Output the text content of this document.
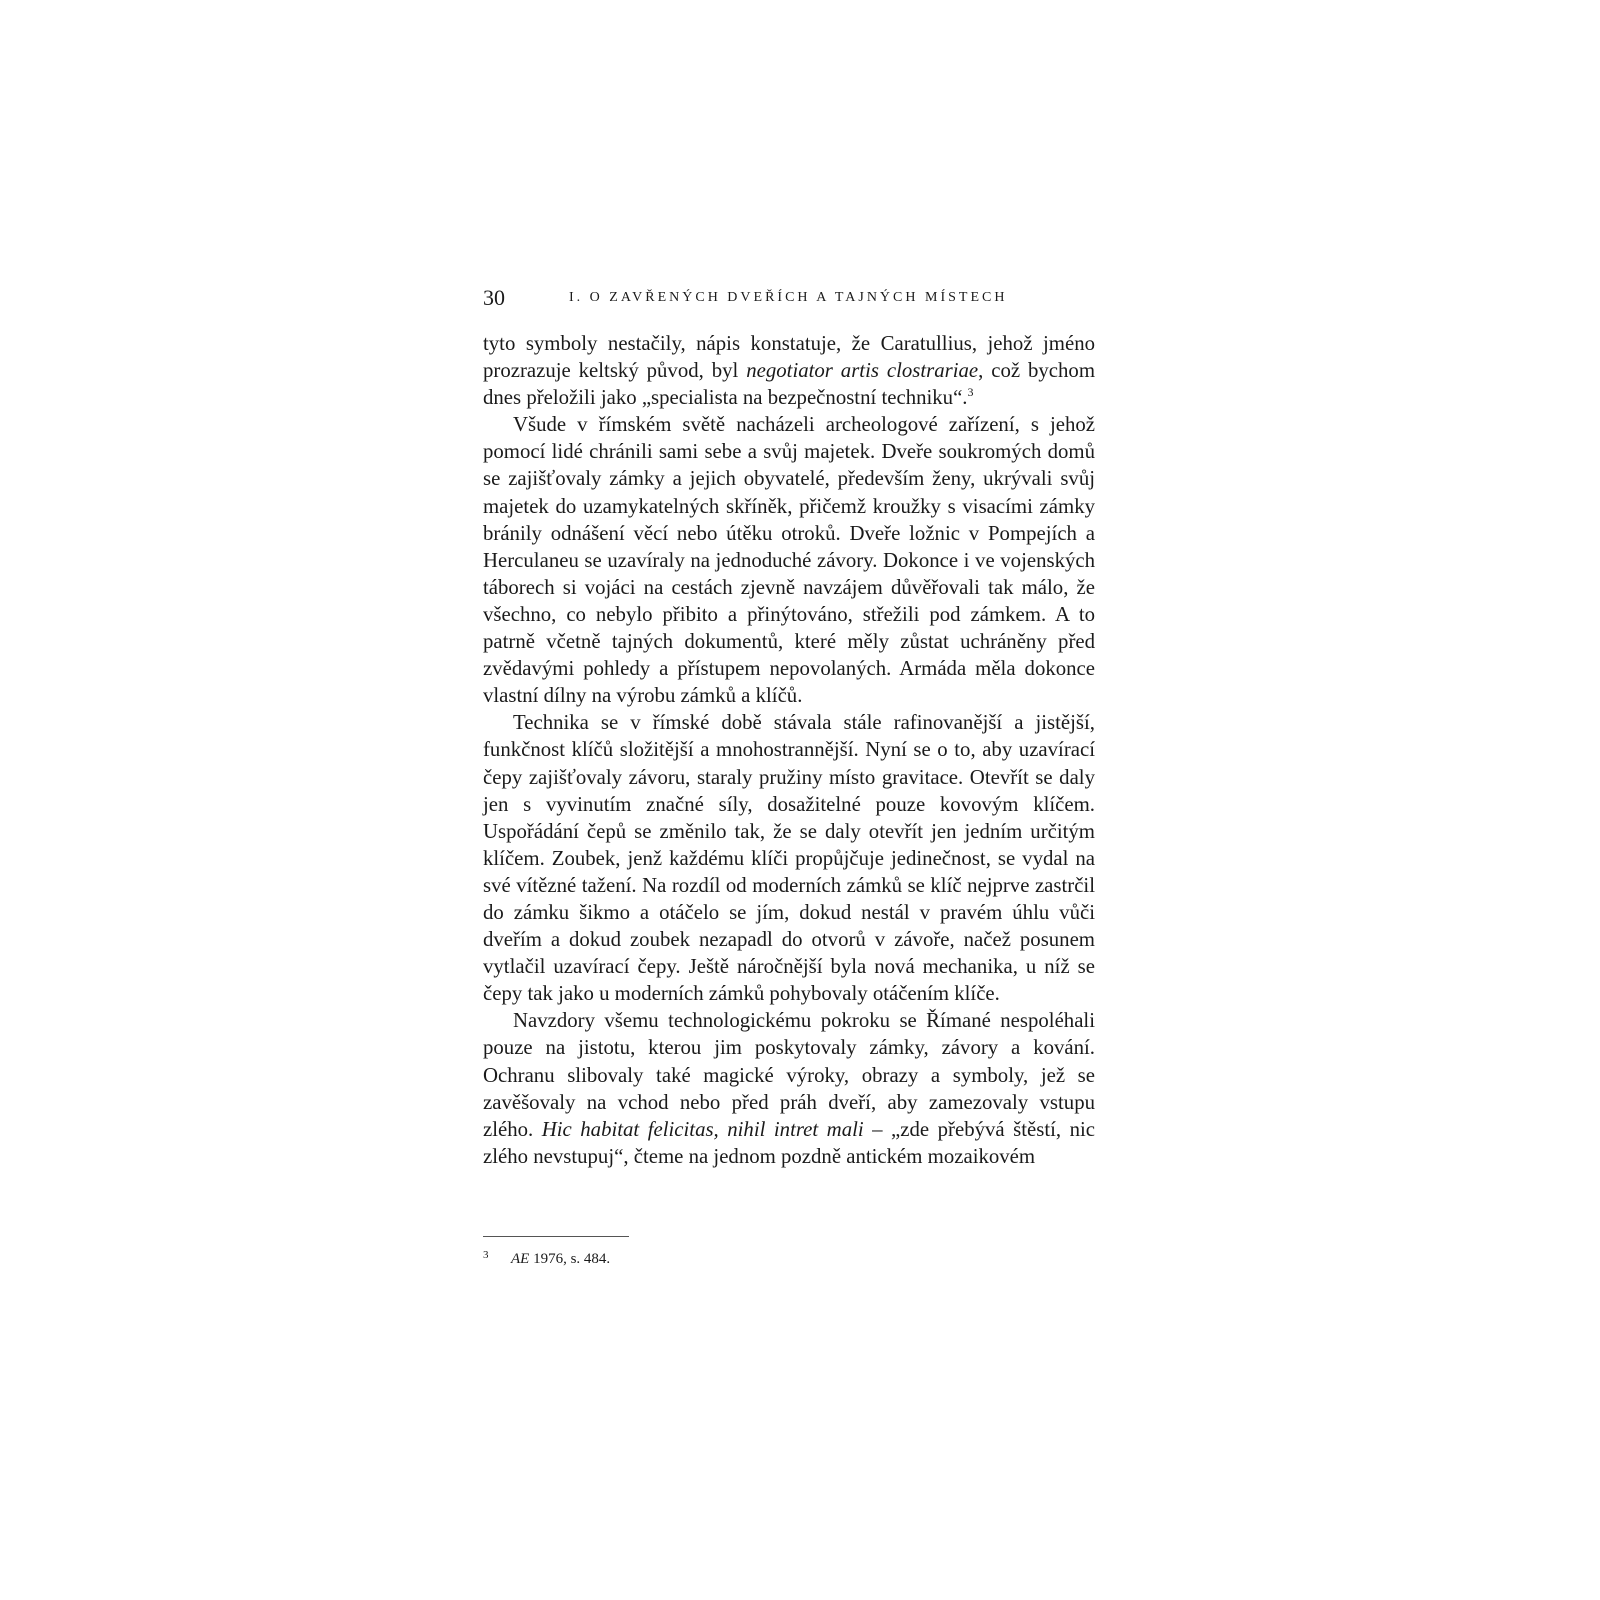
30	I. O ZAVŘENÝCH DVEŘÍCH A TAJNÝCH MÍSTECH

tyto symboly nestačily, nápis konstatuje, že Caratullius, jehož jméno prozrazuje keltský původ, byl negotiator artis clostrariae, což bychom dnes přeložili jako „specialista na bezpečnostní techniku“.$^3$

Všude v římském světě nacházeli archeologové zařízení, s jehož pomocí lidé chránili sami sebe a svůj majetek. Dveře soukromých domů se zajišťovaly zámky a jejich obyvatelé, především ženy, ukrývali svůj majetek do uzamykatelných skříněk, přičemž kroužky s visacími zámky bránily odnášení věcí nebo útěku otroků. Dveře ložnic v Pompejích a Herculaneu se uzavíraly na jednoduché závory. Dokonce i ve vojenských táborech si vojáci na cestách zjevně navzájem důvěřovali tak málo, že všechno, co nebylo přibito a přinýtováno, střežili pod zámkem. A to patrně včetně tajných dokumentů, které měly zůstat uchráněny před zvědavými pohledy a přístupem nepovolaných. Armáda měla dokonce vlastní dílny na výrobu zámků a klíčů.

Technika se v římské době stávala stále rafinovanější a jistější, funkčnost klíčů složitější a mnohostrannější. Nyní se o to, aby uzavírací čepy zajišťovaly závoru, staraly pružiny místo gravitace. Otevřít se daly jen s vyvinutím značné síly, dosažitelné pouze kovovým klíčem. Uspořádání čepů se změnilo tak, že se daly otevřít jen jedním určitým klíčem. Zoubek, jenž každému klíči propůjčuje jedinečnost, se vydal na své vítězné tažení. Na rozdíl od moderních zámků se klíč nejprve zastrčil do zámku šikmo a otáčelo se jím, dokud nestál v pravém úhlu vůči dveřím a dokud zoubek nezapadl do otvorů v závoře, načež posunem vytlačil uzavírací čepy. Ještě náročnější byla nová mechanika, u níž se čepy tak jako u moderních zámků pohybovaly otáčením klíče.

Navzdory všemu technologickému pokroku se Římané nespoléhali pouze na jistotu, kterou jim poskytovaly zámky, závory a kování. Ochranu slibovaly také magické výroky, obrazy a symboly, jež se zavěšovaly na vchod nebo před práh dveří, aby zamezovaly vstupu zlého. Hic habitat felicitas, nihil intret mali – „zde přebývá štěstí, nic zlého nevstupuj“, čteme na jednom pozdně antickém mozaikovém

3 AE 1976, s. 484.
